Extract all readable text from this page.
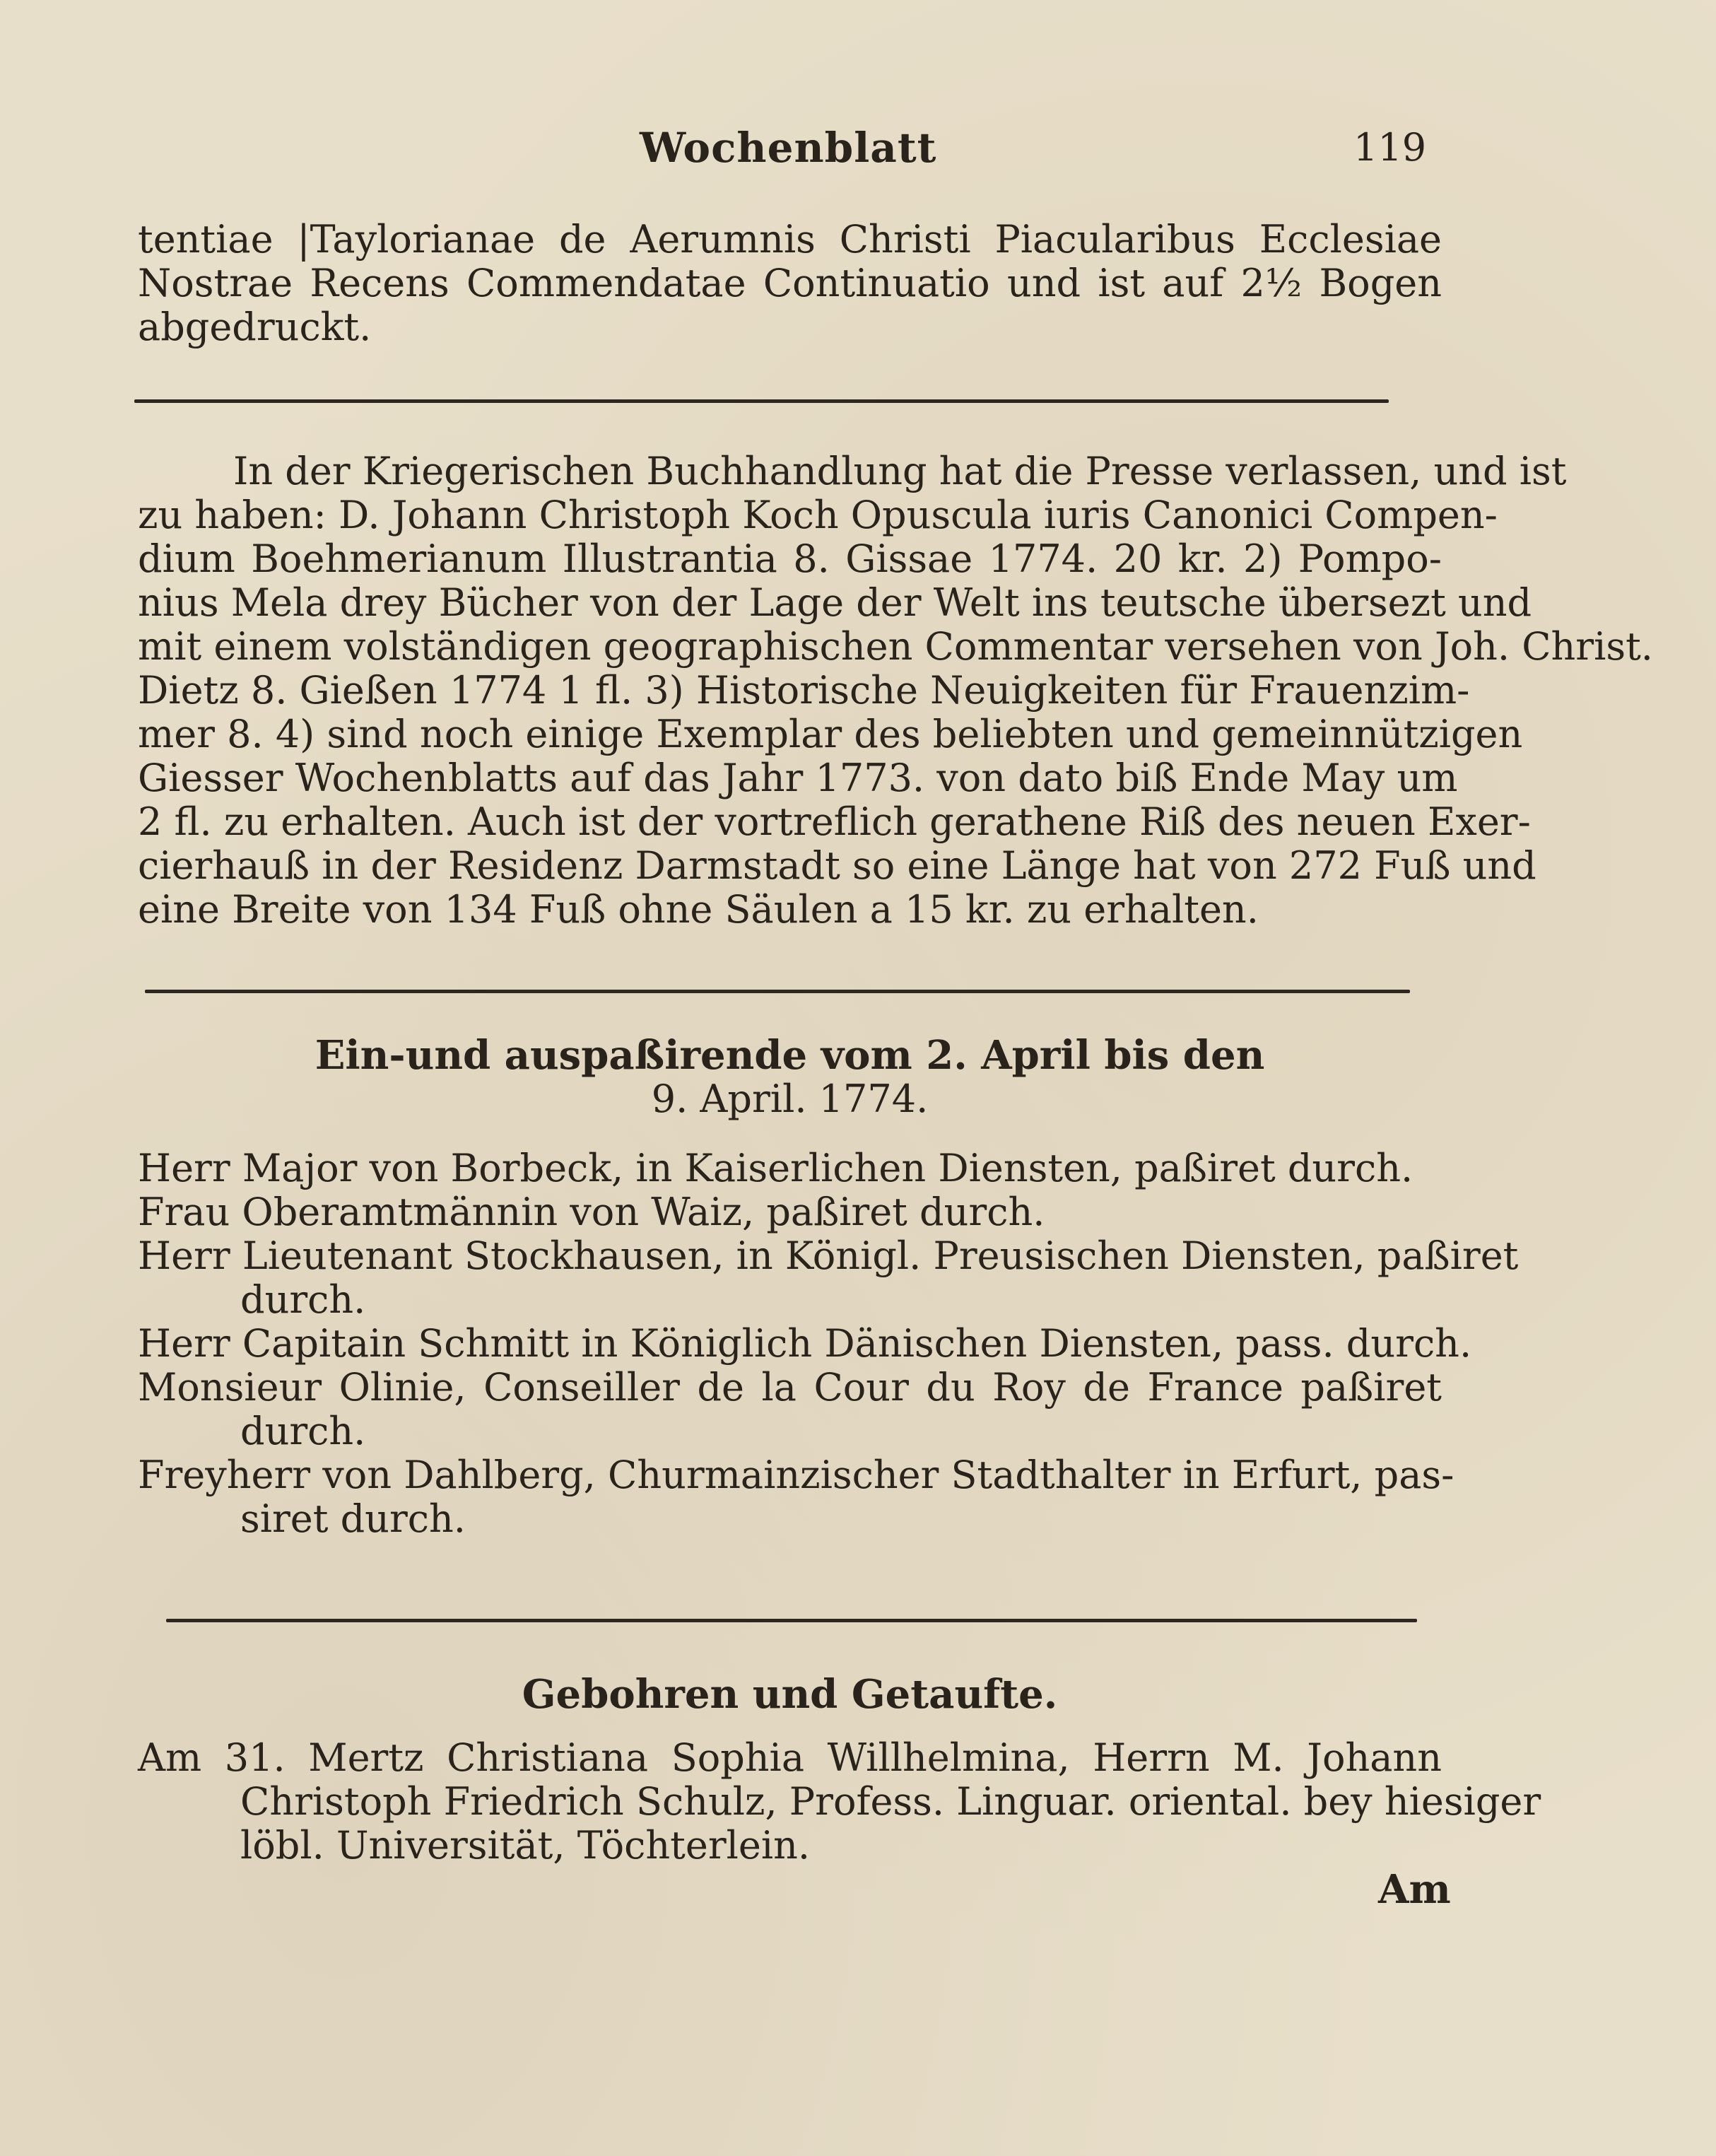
Wochenblatt	119
tentiae |Taylorianae de Aerumnis Christi Piacularibus Ecclesiae
Nostrae Recens Commendatae Continuatio und ist auf 2½ Bogen
abgedruckt.
In der Kriegerischen Buchhandlung hat die Presse verlassen, und ist
zu haben: D. Johann Christoph Koch Opuscula iuris Canonici Compen-
dium Boehmerianum Illustrantia 8. Gissae 1774. 20 kr. 2) Pompo-
nius Mela drey Bücher von der Lage der Welt ins teutsche übersezt und
mit einem volständigen geographischen Commentar versehen von Joh. Christ.
Dietz 8. Gießen 1774 1 fl. 3) Historische Neuigkeiten für Frauenzim-
mer 8. 4) sind noch einige Exemplar des beliebten und gemeinnützigen
Giesser Wochenblatts auf das Jahr 1773. von dato biß Ende May um
2 fl. zu erhalten. Auch ist der vortreflich gerathene Riß des neuen Exer-
cierhauß in der Residenz Darmstadt so eine Länge hat von 272 Fuß und
eine Breite von 134 Fuß ohne Säulen a 15 kr. zu erhalten.
Ein-und auspaßirende vom 2. April bis den
9. April. 1774.
Herr Major von Borbeck, in Kaiserlichen Diensten, paßiret durch.
Frau Oberamtmännin von Waiz, paßiret durch.
Herr Lieutenant Stockhausen, in Königl. Preusischen Diensten, paßiret
durch.
Herr Capitain Schmitt in Königlich Dänischen Diensten, pass. durch.
Monsieur Olinie, Conseiller de la Cour du Roy de France paßiret
durch.
Freyherr von Dahlberg, Churmainzischer Stadthalter in Erfurt, pas-
siret durch.
Gebohren und Getaufte.
Am 31. Mertz Christiana Sophia Willhelmina, Herrn M. Johann
Christoph Friedrich Schulz, Profess. Linguar. oriental. bey hiesiger
löbl. Universität, Töchterlein.
Am
